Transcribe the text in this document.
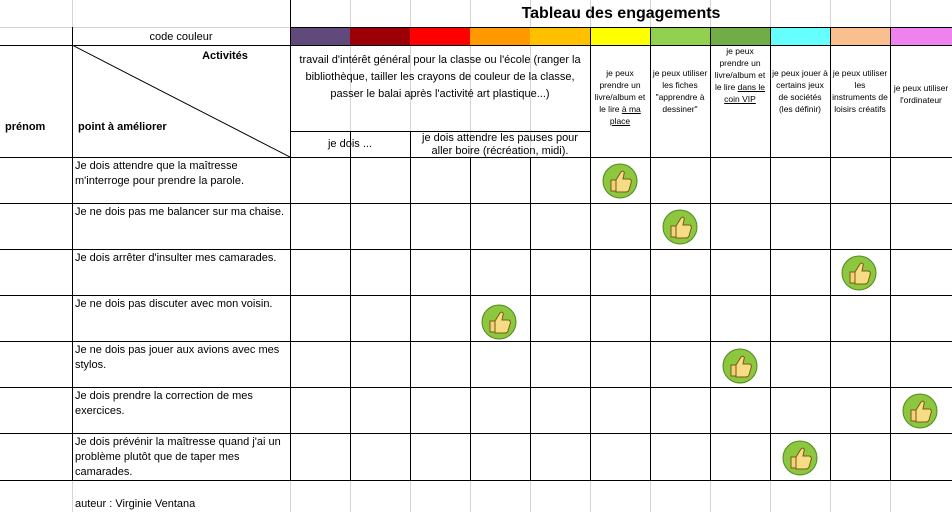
Tableau des engagements
code couleur
Activités
prénom	point à améliorer
travail d'intérêt général pour la classe ou l'école (ranger la bibliothèque, tailler les crayons de couleur de la classe, passer le balai après l'activité art plastique...)
je dois ...	je dois attendre les pauses pour aller boire (récréation, midi).
je peux
prendre un
livre/album et
le lire à ma place
je peux utiliser les fiches "apprendre à dessiner"
je peux
prendre un
livre/album et
le lire dans le coin VIP
je peux jouer à certains jeux de sociétés (les définir)
je peux utiliser les instruments de loisirs créatifs
je peux utiliser l'ordinateur
Je dois attendre que la maîtresse m'interroge pour prendre la parole.
Je ne dois pas me balancer sur ma chaise.
Je dois arrêter d'insulter mes camarades.
Je ne dois pas discuter avec mon voisin.
Je ne dois pas jouer aux avions avec mes stylos.
Je dois prendre la correction de mes exercices.
Je dois prévénir la maîtresse quand j'ai un problème plutôt que de taper mes camarades.
auteur : Virginie Ventana
